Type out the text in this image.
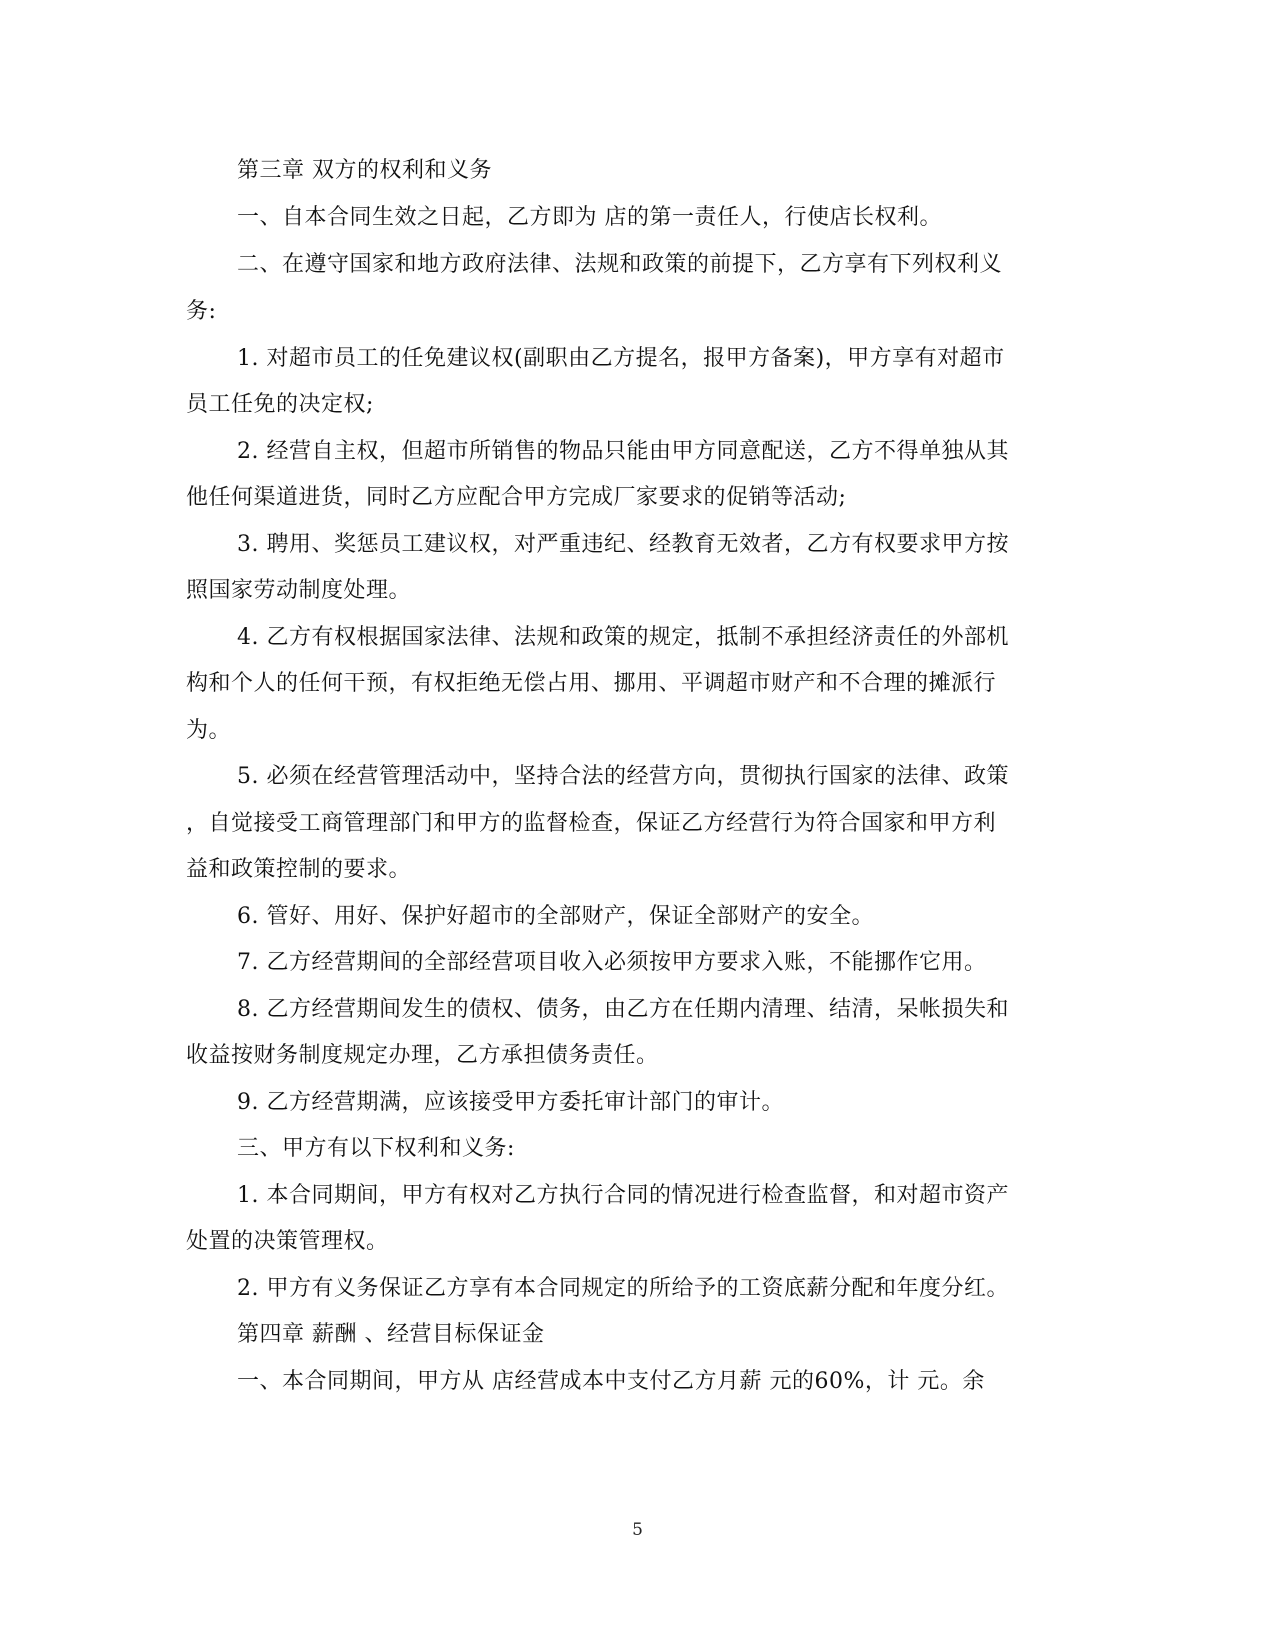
第三章 双方的权利和义务
一、自本合同生效之日起，乙方即为 店的第一责任人，行使店长权利。
二、在遵守国家和地方政府法律、法规和政策的前提下，乙方享有下列权利义
务:
1. 对超市员工的任免建议权(副职由乙方提名，报甲方备案)，甲方享有对超市
员工任免的决定权;
2. 经营自主权，但超市所销售的物品只能由甲方同意配送，乙方不得单独从其
他任何渠道进货，同时乙方应配合甲方完成厂家要求的促销等活动;
3. 聘用、奖惩员工建议权，对严重违纪、经教育无效者，乙方有权要求甲方按
照国家劳动制度处理。
4. 乙方有权根据国家法律、法规和政策的规定，抵制不承担经济责任的外部机
构和个人的任何干预，有权拒绝无偿占用、挪用、平调超市财产和不合理的摊派行
为。
5. 必须在经营管理活动中，坚持合法的经营方向，贯彻执行国家的法律、政策
，自觉接受工商管理部门和甲方的监督检查，保证乙方经营行为符合国家和甲方利
益和政策控制的要求。
6. 管好、用好、保护好超市的全部财产，保证全部财产的安全。
7. 乙方经营期间的全部经营项目收入必须按甲方要求入账，不能挪作它用。
8. 乙方经营期间发生的债权、债务，由乙方在任期内清理、结清，呆帐损失和
收益按财务制度规定办理，乙方承担债务责任。
9. 乙方经营期满，应该接受甲方委托审计部门的审计。
三、甲方有以下权利和义务:
1. 本合同期间，甲方有权对乙方执行合同的情况进行检查监督，和对超市资产
处置的决策管理权。
2. 甲方有义务保证乙方享有本合同规定的所给予的工资底薪分配和年度分红。
第四章 薪酬 、经营目标保证金
一、本合同期间，甲方从 店经营成本中支付乙方月薪 元的60%，计 元。余
5
